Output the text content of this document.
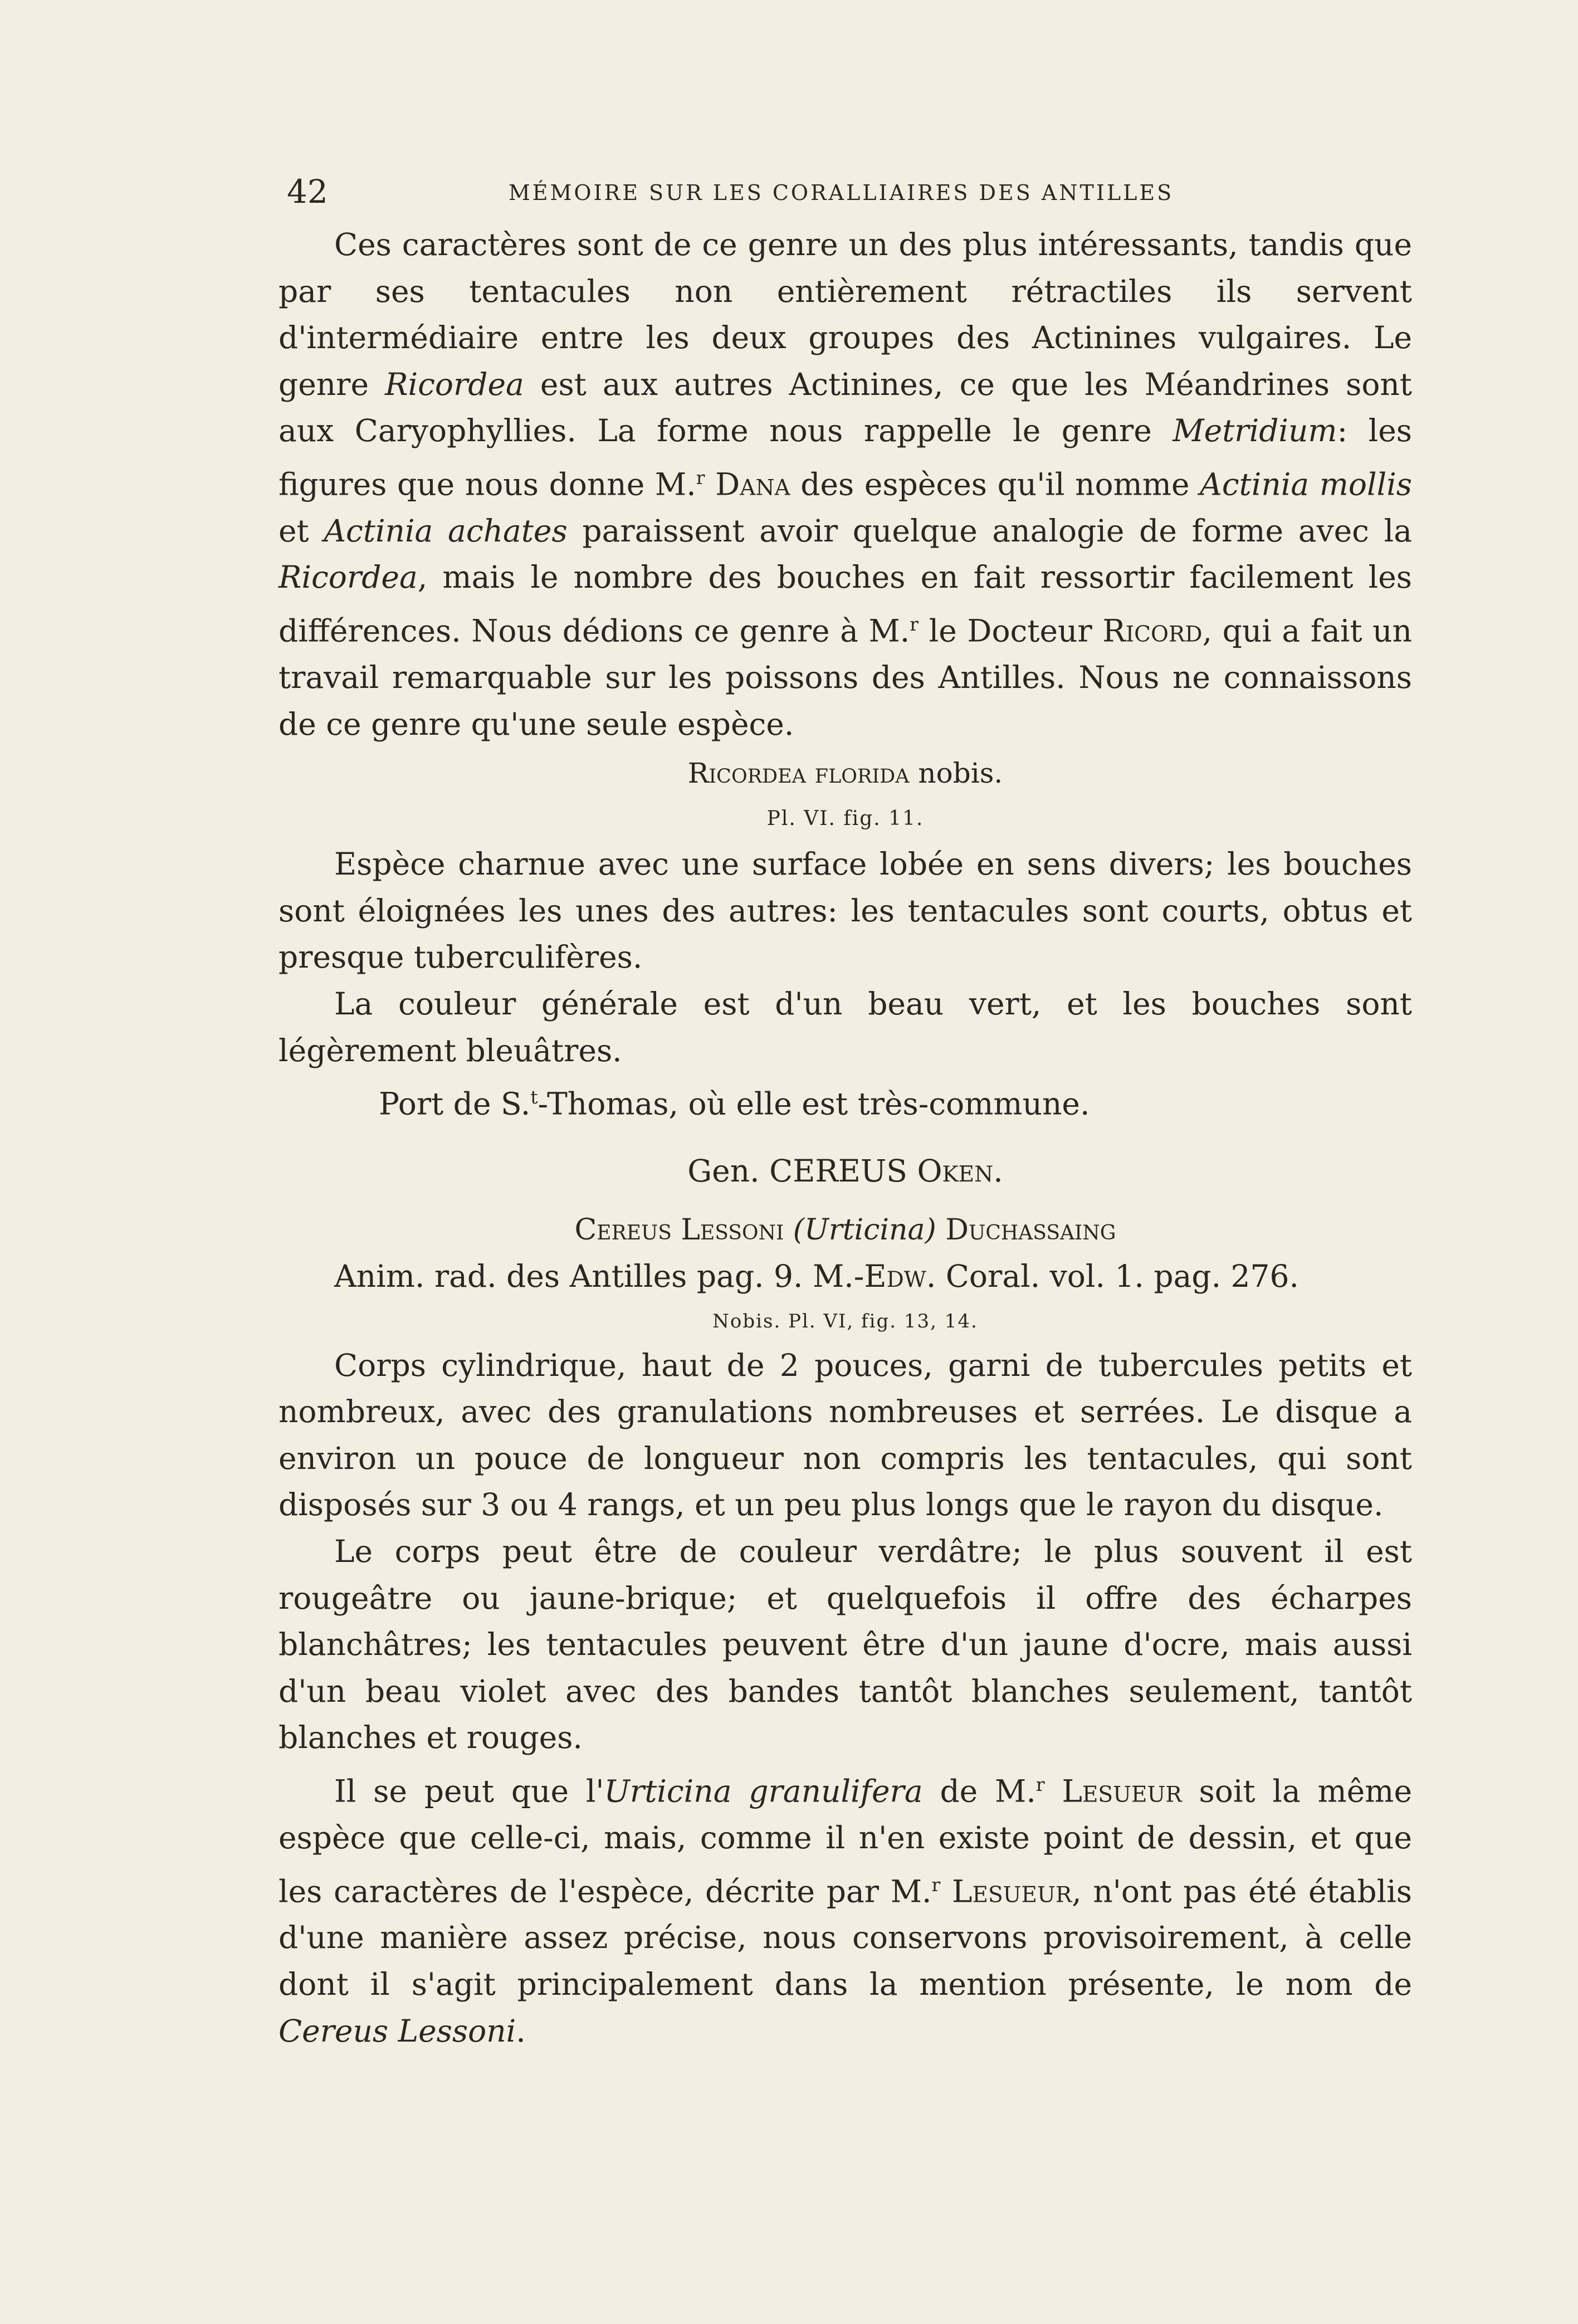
42	MÉMOIRE SUR LES CORALLIAIRES DES ANTILLES

Ces caractères sont de ce genre un des plus intéressants, tandis que par ses tentacules non entièrement rétractiles ils servent d'intermédiaire entre les deux groupes des Actinines vulgaires. Le genre Ricordea est aux autres Actinines, ce que les Méandrines sont aux Caryophyllies. La forme nous rappelle le genre Metridium: les figures que nous donne M.$^r$ Dana des espèces qu'il nomme Actinia mollis et Actinia achates paraissent avoir quelque analogie de forme avec la Ricordea, mais le nombre des bouches en fait ressortir facilement les différences. Nous dédions ce genre à M.$^r$ le Docteur Ricord, qui a fait un travail remarquable sur les poissons des Antilles. Nous ne connaissons de ce genre qu'une seule espèce.

Ricordea florida nobis.

Pl. VI. fig. 11.

Espèce charnue avec une surface lobée en sens divers; les bouches sont éloignées les unes des autres: les tentacules sont courts, obtus et presque tuberculifères.

La couleur générale est d'un beau vert, et les bouches sont légèrement bleuâtres.

Port de S.$^t$-Thomas, où elle est très-commune.

Gen. CEREUS Oken.

Cereus Lessoni (Urticina) Duchassaing

Anim. rad. des Antilles pag. 9. M.-Edw. Coral. vol. 1. pag. 276.

Nobis. Pl. VI, fig. 13, 14.

Corps cylindrique, haut de 2 pouces, garni de tubercules petits et nombreux, avec des granulations nombreuses et serrées. Le disque a environ un pouce de longueur non compris les tentacules, qui sont disposés sur 3 ou 4 rangs, et un peu plus longs que le rayon du disque.

Le corps peut être de couleur verdâtre; le plus souvent il est rougeâtre ou jaune-brique; et quelquefois il offre des écharpes blanchâtres; les tentacules peuvent être d'un jaune d'ocre, mais aussi d'un beau violet avec des bandes tantôt blanches seulement, tantôt blanches et rouges.

Il se peut que l'Urticina granulifera de M.$^r$ Lesueur soit la même espèce que celle-ci, mais, comme il n'en existe point de dessin, et que les caractères de l'espèce, décrite par M.$^r$ Lesueur, n'ont pas été établis d'une manière assez précise, nous conservons provisoirement, à celle dont il s'agit principalement dans la mention présente, le nom de Cereus Lessoni.
